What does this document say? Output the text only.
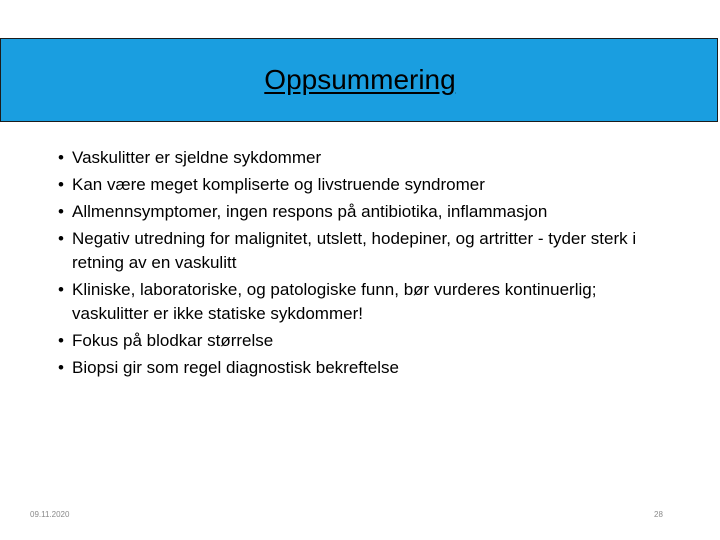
Oppsummering
• Vaskulitter er sjeldne sykdommer
• Kan være meget kompliserte og livstruende syndromer
• Allmennsymptomer, ingen respons på antibiotika, inflammasjon
• Negativ utredning for malignitet, utslett, hodepiner, og artritter - tyder sterk i retning av en vaskulitt
• Kliniske, laboratoriske, og patologiske funn, bør vurderes kontinuerlig; vaskulitter er ikke statiske sykdommer!
• Fokus på blodkar størrelse
• Biopsi gir som regel diagnostisk bekreftelse
09.11.2020	28
